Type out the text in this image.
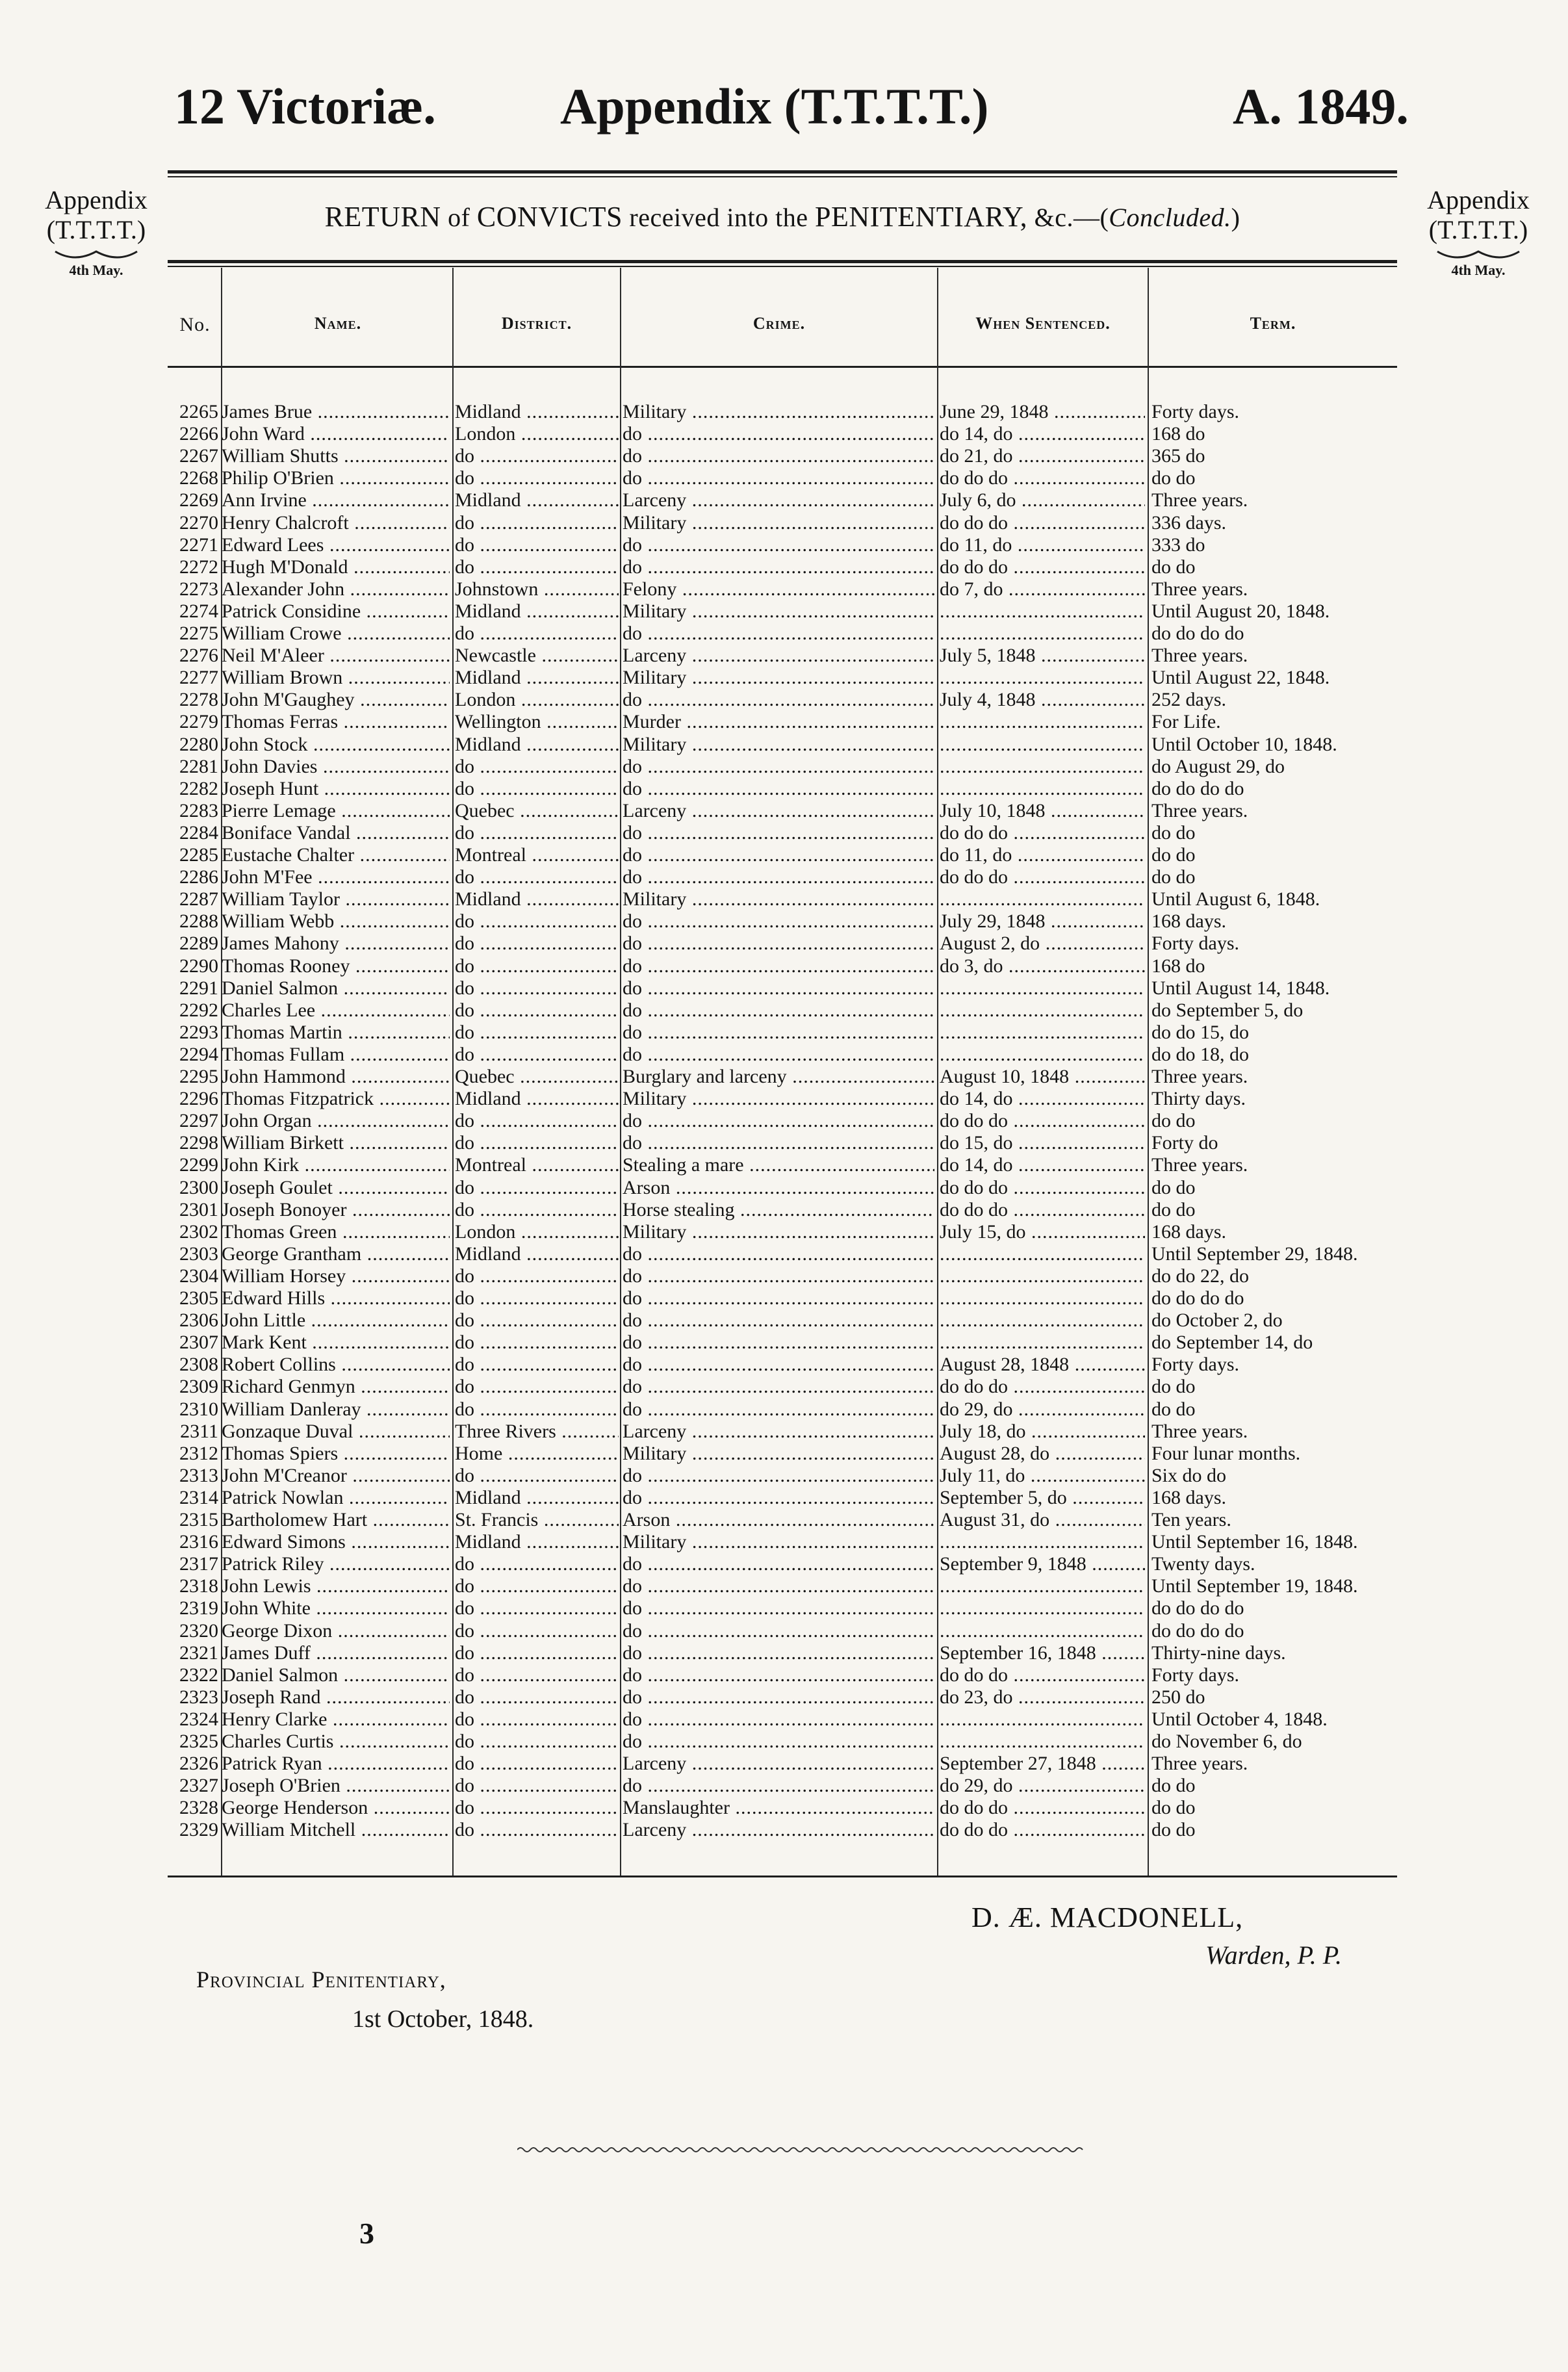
12 Victoriæ. Appendix (T.T.T.T.)	A. 1849.
Appendix
(T.T.T.T.)
4th May.
Appendix
(T.T.T.T.)
4th May.
RETURN of CONVICTS received into the PENITENTIARY, &c.—(Concluded.)
No.	Name.	District.	Crime.	When Sentenced.	Term.
2265 James Brue .....	Midland .....	Military .....	June 29, 1848 .....	Forty days.
2266 John Ward .....	London .....	do .....	do 14, do .....	168 do
2267 William Shutts .....	do .....	do .....	do 21, do .....	365 do
2268 Philip O'Brien .....	do .....	do .....	do do do .....	do do
2269 Ann Irvine .....	Midland .....	Larceny .....	July 6, do .....	Three years.
2270 Henry Chalcroft .....	do .....	Military .....	do do do .....	336 days.
2271 Edward Lees .....	do .....	do .....	do 11, do .....	333 do
2272 Hugh M'Donald .....	do .....	do .....	do do do .....	do do
2273 Alexander John .....	Johnstown .....	Felony .....	do 7, do .....	Three years.
2274 Patrick Considine .....	Midland .....	Military ..... .....	Until August 20, 1848.
2275 William Crowe .....	do .....	do ..... .....	do do do do
2276 Neil M'Aleer .....	Newcastle .....	Larceny .....	July 5, 1848 .....	Three years.
2277 William Brown .....	Midland .....	Military ..... .....	Until August 22, 1848.
2278 John M'Gaughey .....	London .....	do .....	July 4, 1848 .....	252 days.
2279 Thomas Ferras .....	Wellington .....	Murder ..... .....	For Life.
2280 John Stock .....	Midland .....	Military ..... .....	Until October 10, 1848.
2281 John Davies .....	do .....	do ..... .....	do August 29, do
2282 Joseph Hunt .....	do .....	do ..... .....	do do do do
2283 Pierre Lemage .....	Quebec .....	Larceny .....	July 10, 1848 .....	Three years.
2284 Boniface Vandal .....	do .....	do .....	do do do .....	do do
2285 Eustache Chalter .....	Montreal .....	do .....	do 11, do .....	do do
2286 John M'Fee .....	do .....	do .....	do do do .....	do do
2287 William Taylor .....	Midland .....	Military ..... .....	Until August 6, 1848.
2288 William Webb .....	do .....	do .....	July 29, 1848 .....	168 days.
2289 James Mahony .....	do .....	do .....	August 2, do .....	Forty days.
2290 Thomas Rooney .....	do .....	do .....	do 3, do .....	168 do
2291 Daniel Salmon .....	do .....	do ..... .....	Until August 14, 1848.
2292 Charles Lee .....	do .....	do ..... .....	do September 5, do
2293 Thomas Martin .....	do .....	do ..... .....	do do 15, do
2294 Thomas Fullam .....	do .....	do ..... .....	do do 18, do
2295 John Hammond .....	Quebec .....	Burglary and larceny .....	August 10, 1848 .....	Three years.
2296 Thomas Fitzpatrick .....	Midland .....	Military .....	do 14, do .....	Thirty days.
2297 John Organ .....	do .....	do .....	do do do .....	do do
2298 William Birkett .....	do .....	do .....	do 15, do .....	Forty do
2299 John Kirk .....	Montreal .....	Stealing a mare .....	do 14, do .....	Three years.
2300 Joseph Goulet .....	do .....	Arson .....	do do do .....	do do
2301 Joseph Bonoyer .....	do .....	Horse stealing .....	do do do .....	do do
2302 Thomas Green .....	London .....	Military .....	July 15, do .....	168 days.
2303 George Grantham .....	Midland .....	do ..... .....	Until September 29, 1848.
2304 William Horsey .....	do .....	do ..... .....	do do 22, do
2305 Edward Hills .....	do .....	do ..... .....	do do do do
2306 John Little .....	do .....	do ..... .....	do October 2, do
2307 Mark Kent .....	do .....	do ..... .....	do September 14, do
2308 Robert Collins .....	do .....	do .....	August 28, 1848 .....	Forty days.
2309 Richard Genmyn .....	do .....	do .....	do do do .....	do do
2310 William Danleray .....	do .....	do .....	do 29, do .....	do do
2311 Gonzaque Duval .....	Three Rivers .....	Larceny .....	July 18, do .....	Three years.
2312 Thomas Spiers .....	Home .....	Military .....	August 28, do .....	Four lunar months.
2313 John M'Creanor .....	do .....	do .....	July 11, do .....	Six do do
2314 Patrick Nowlan .....	Midland .....	do .....	September 5, do .....	168 days.
2315 Bartholomew Hart .....	St. Francis .....	Arson .....	August 31, do .....	Ten years.
2316 Edward Simons .....	Midland .....	Military ..... .....	Until September 16, 1848.
2317 Patrick Riley .....	do .....	do .....	September 9, 1848 .....	Twenty days.
2318 John Lewis .....	do .....	do ..... .....	Until September 19, 1848.
2319 John White .....	do .....	do ..... .....	do do do do
2320 George Dixon .....	do .....	do ..... .....	do do do do
2321 James Duff .....	do .....	do .....	September 16, 1848 .....	Thirty-nine days.
2322 Daniel Salmon .....	do .....	do .....	do do do .....	Forty days.
2323 Joseph Rand .....	do .....	do .....	do 23, do .....	250 do
2324 Henry Clarke .....	do .....	do ..... .....	Until October 4, 1848.
2325 Charles Curtis .....	do .....	do ..... .....	do November 6, do
2326 Patrick Ryan .....	do .....	Larceny .....	September 27, 1848 .....	Three years.
2327 Joseph O'Brien .....	do .....	do .....	do 29, do .....	do do
2328 George Henderson .....	do .....	Manslaughter .....	do do do .....	do do
2329 William Mitchell .....	do .....	Larceny .....	do do do .....	do do
D. Æ. MACDONELL,
Warden, P. P.
Provincial Penitentiary,
1st October, 1848.
3
